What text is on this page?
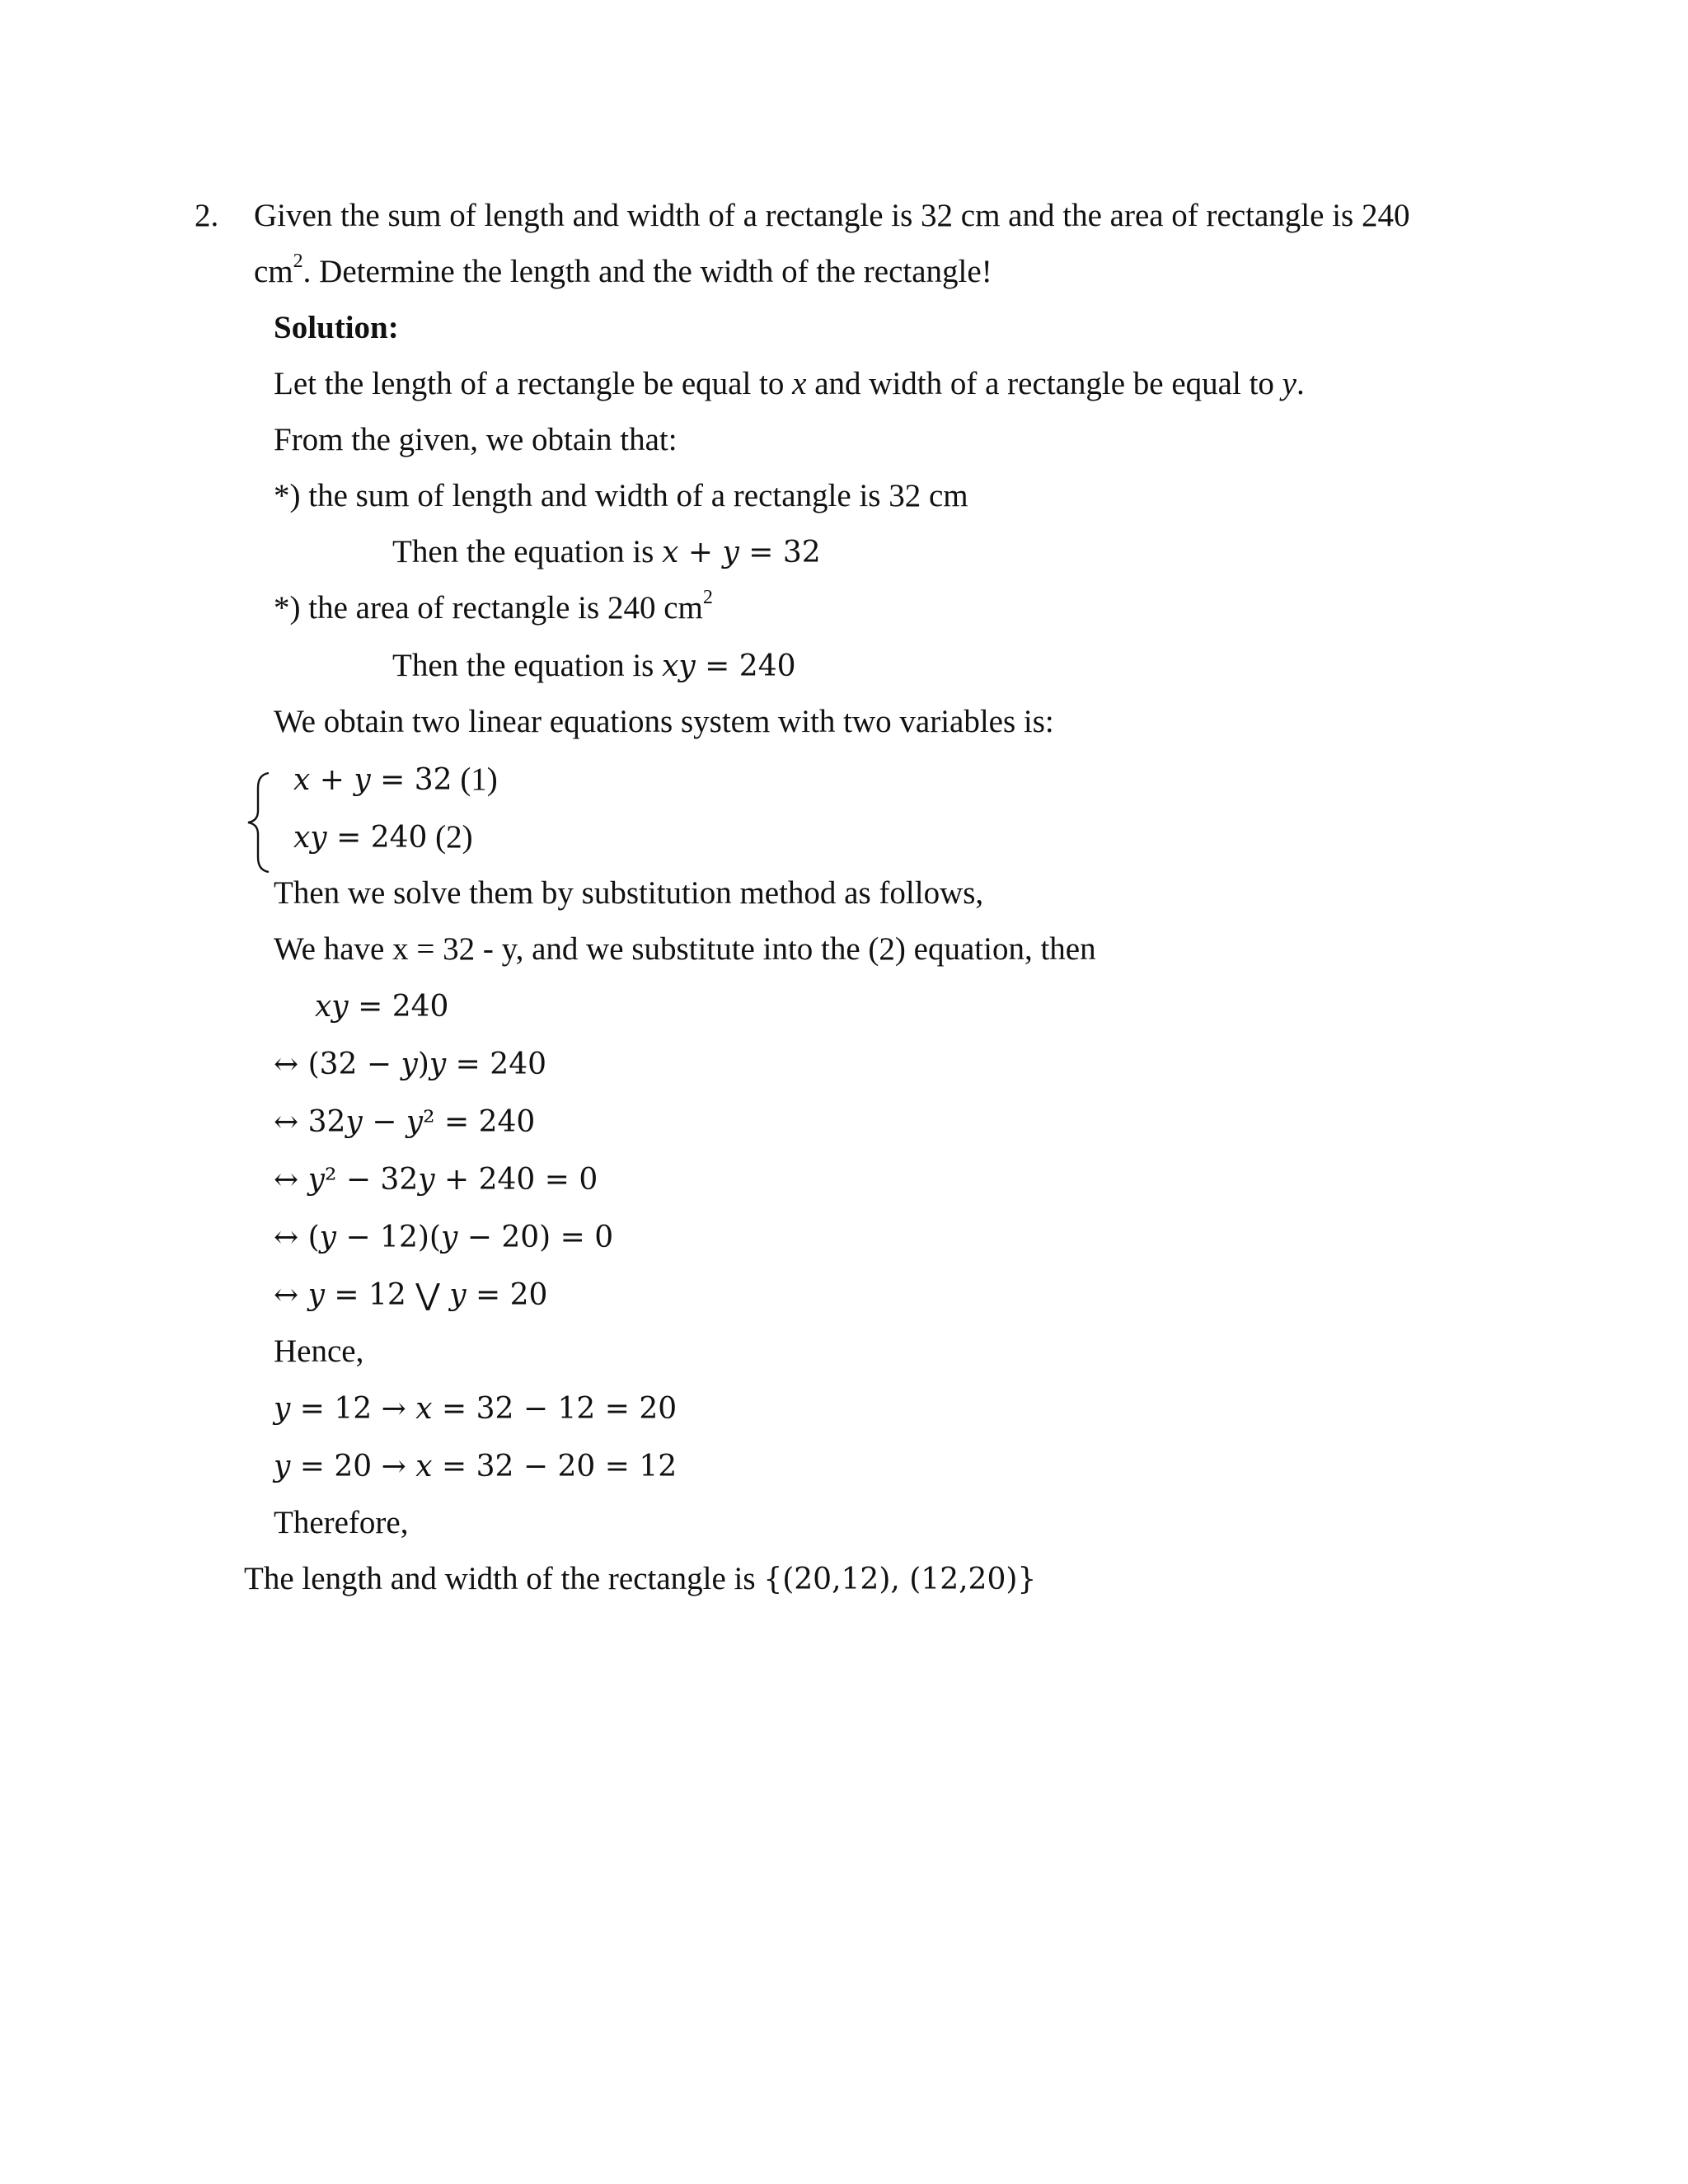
2. Given the sum of length and width of a rectangle is 32 cm and the area of rectangle is 240
$cm^2$. Determine the length and the width of the rectangle!
Solution:
Let the length of a rectangle be equal to x and width of a rectangle be equal to y.
From the given, we obtain that:
*) the sum of length and width of a rectangle is 32 cm
Then the equation is 𝑥 + 𝑦 = 32
*) the area of rectangle is 240 $cm^2$
Then the equation is 𝑥𝑦 = 240
We obtain two linear equations system with two variables is:
𝑥 + 𝑦 = 32 (1)
𝑥𝑦 = 240 (2)
Then we solve them by substitution method as follows,
We have x = 32 - y, and we substitute into the (2) equation, then
𝑥𝑦 = 240
↔ (32 − 𝑦)𝑦 = 240
↔ 32𝑦 − 𝑦² = 240
↔ 𝑦² − 32𝑦 + 240 = 0
↔ (𝑦 − 12)(𝑦 − 20) = 0
↔ 𝑦 = 12 ⋁ 𝑦 = 20
Hence,
𝑦 = 12 → 𝑥 = 32 − 12 = 20
𝑦 = 20 → 𝑥 = 32 − 20 = 12
Therefore,
The length and width of the rectangle is {(20,12), (12,20)}
